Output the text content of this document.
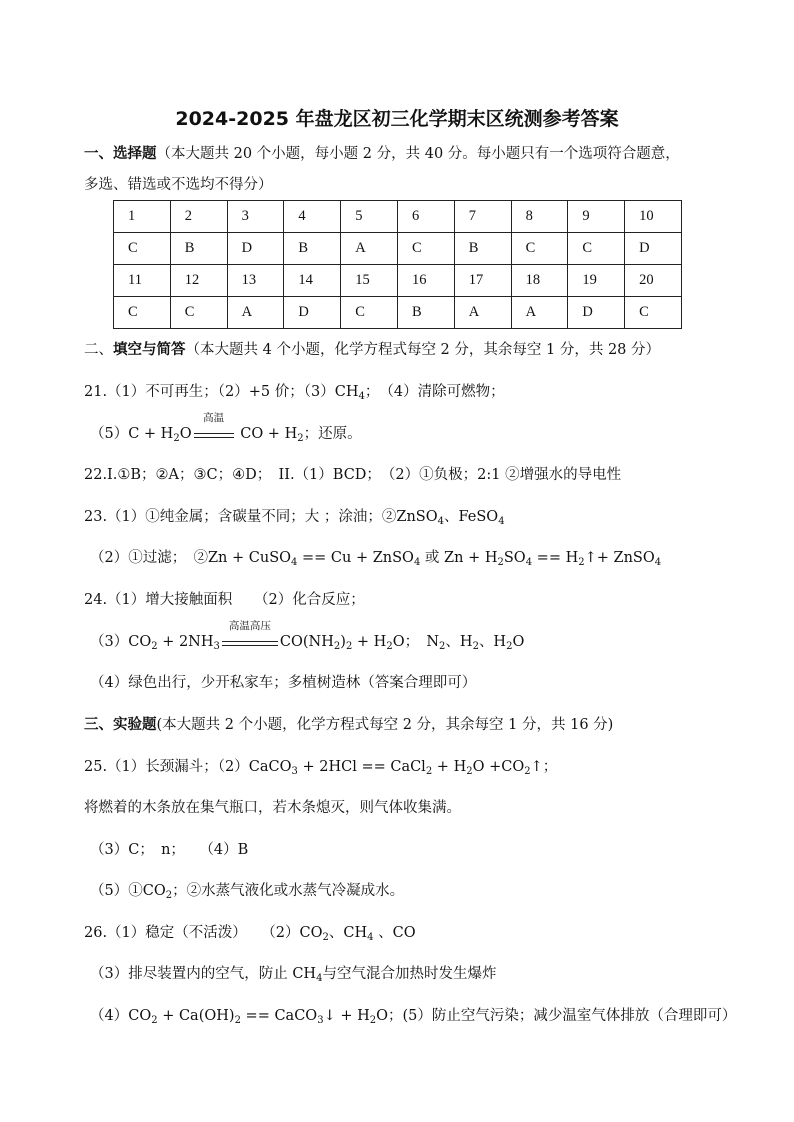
2024-2025 年盘龙区初三化学期末区统测参考答案
一、选择题（本大题共 20 个小题，每小题 2 分，共 40 分。每小题只有一个选项符合题意，
多选、错选或不选均不得分）
1	2	3	4	5	6	7	8	9	10
C	B	D	B	A	C	B	C	C	D
11	12	13	14	15	16	17	18	19	20
C	C	A	D	C	B	A	A	D	C
二、填空与简答（本大题共 4 个小题，化学方程式每空 2 分，其余每空 1 分，共 28 分）
21.（1）不可再生；（2）+5 价；$(3)CH_4$；　（4）清除可燃物；
$(5)C + H_2O$
高温
CO + $H_2$；还原。
22.I.①B；②A；③C；④D；　II.（1）BCD；　（2）①负极；2:1 ②增强水的导电性
23.（1）①纯金属；含碳量不同；大 ；涂油；②ZnSO$_4$、FeSO$_4$
（2）①过滤；　②Zn + CuSO$_4$ == Cu + ZnSO$_4$ 或 $Zn + H_2SO_4$ == $H_2↑+$ ZnSO$_4$
24.（1）增大接触面积　　（2）化合反应；
$(3)CO_2 + 2NH_3$
高温高压
$CO(NH_2)_2 + H_2O$；　$N_2$、$H_2$、$H_2O$
（4）绿色出行，少开私家车；多植树造林（答案合理即可）
三、实验题(本大题共 2 个小题，化学方程式每空 2 分，其余每空 1 分，共 16 分)
25.（1）长颈漏斗；（2）CaCO$_3$ + 2HCl == CaCl$_2$ + $H_2O$ $+CO_2↑$；
将燃着的木条放在集气瓶口，若木条熄灭，则气体收集满。
（3）C；　n；　　（4）B
$(5)①CO_2$；②水蒸气液化或水蒸气冷凝成水。
26.（1）稳定（不活泼）　　$(2)CO_2$、$CH_4$ 、CO
（3）排尽装置内的空气，防止 $CH_4$与空气混合加热时发生爆炸
$(4)CO_2 + Ca(OH)_2$ == CaCO$_3$↓ + $H_2O$；(5）防止空气污染；减少温室气体排放（合理即可）
